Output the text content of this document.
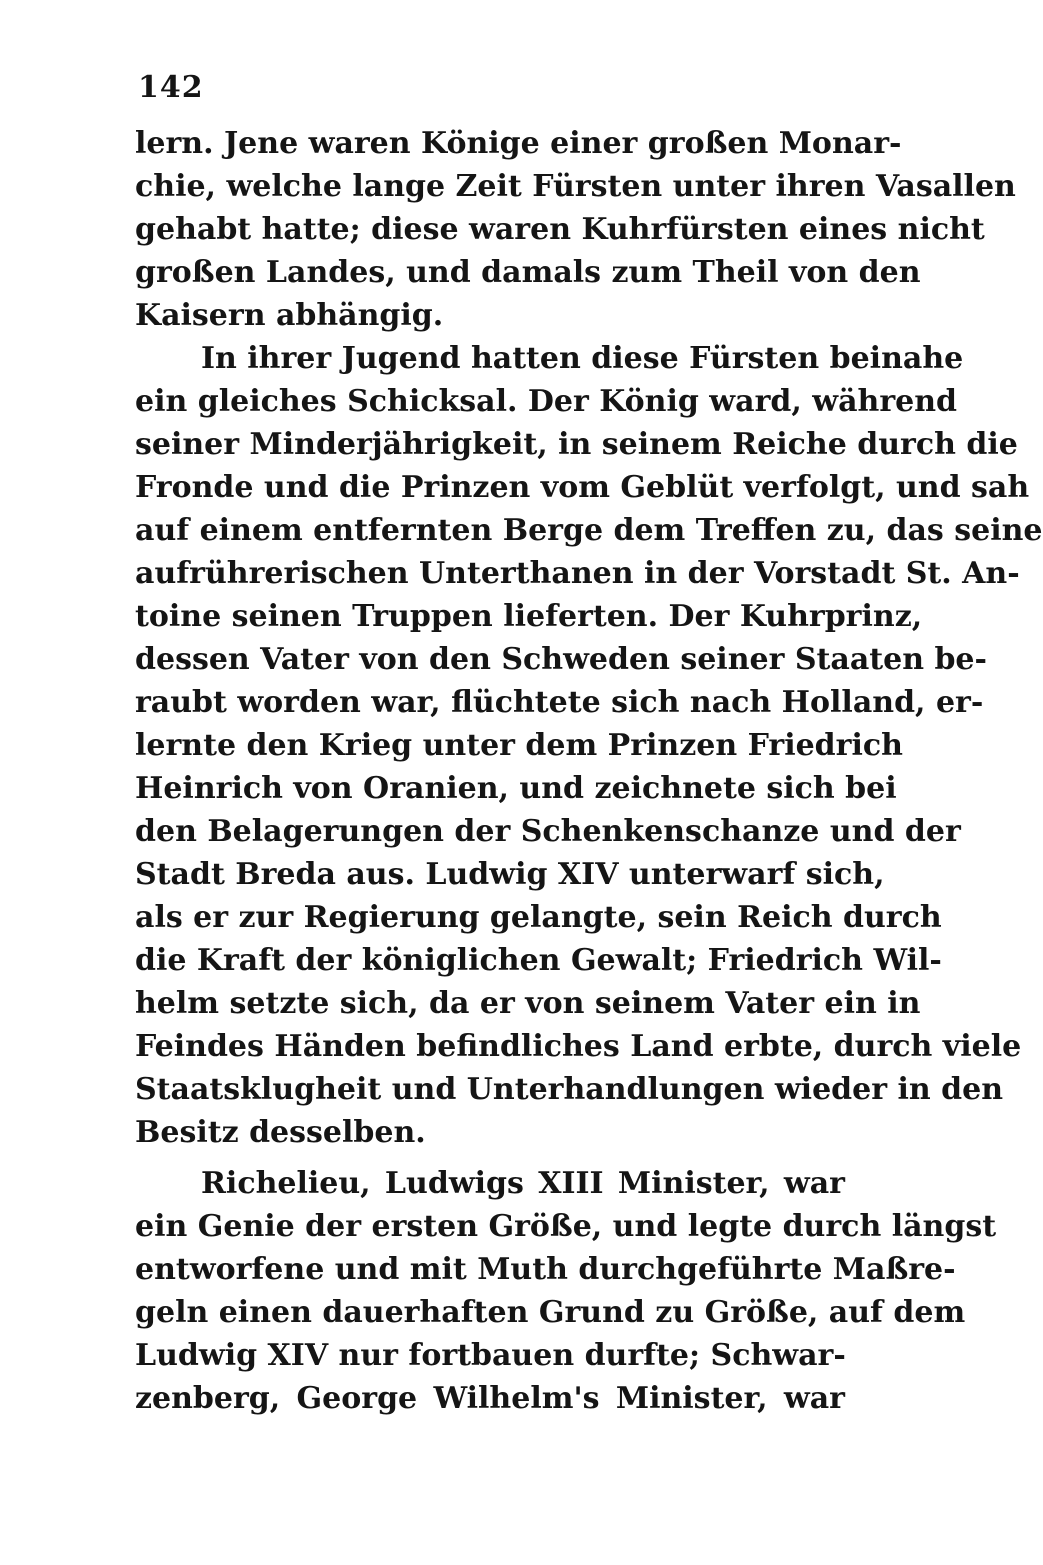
142
lern. Jene waren Könige einer großen Monar-
chie, welche lange Zeit Fürsten unter ihren Vasallen
gehabt hatte; diese waren Kuhrfürsten eines nicht
großen Landes, und damals zum Theil von den
Kaisern abhängig.
In ihrer Jugend hatten diese Fürsten beinahe
ein gleiches Schicksal. Der König ward, während
seiner Minderjährigkeit, in seinem Reiche durch die
Fronde und die Prinzen vom Geblüt verfolgt, und sah
auf einem entfernten Berge dem Treffen zu, das seine
aufrührerischen Unterthanen in der Vorstadt St. An-
toine seinen Truppen lieferten. Der Kuhrprinz,
dessen Vater von den Schweden seiner Staaten be-
raubt worden war, flüchtete sich nach Holland, er-
lernte den Krieg unter dem Prinzen Friedrich
Heinrich von Oranien, und zeichnete sich bei
den Belagerungen der Schenkenschanze und der
Stadt Breda aus. Ludwig XIV unterwarf sich,
als er zur Regierung gelangte, sein Reich durch
die Kraft der königlichen Gewalt; Friedrich Wil-
helm setzte sich, da er von seinem Vater ein in
Feindes Händen befindliches Land erbte, durch viele
Staatsklugheit und Unterhandlungen wieder in den
Besitz desselben.
Richelieu, Ludwigs XIII Minister, war
ein Genie der ersten Größe, und legte durch längst
entworfene und mit Muth durchgeführte Maßre-
geln einen dauerhaften Grund zu Größe, auf dem
Ludwig XIV nur fortbauen durfte; Schwar-
zenberg, George Wilhelm's Minister, war
